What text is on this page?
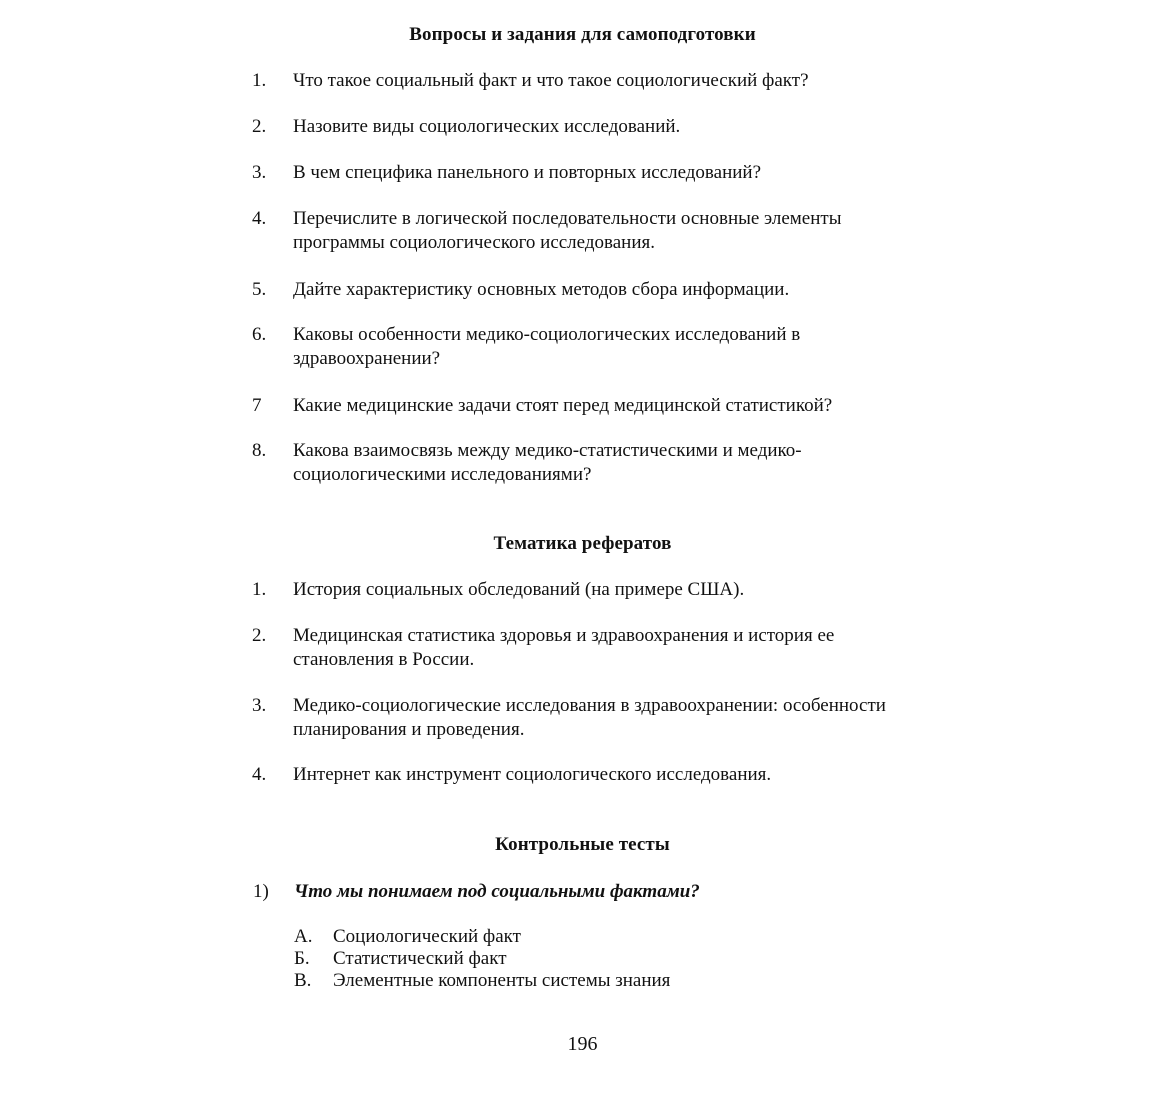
Вопросы и задания для самоподготовки
1.	Что такое социальный факт и что такое социологический факт?
2.	Назовите виды социологических исследований.
3.	В чем специфика панельного и повторных исследований?
4.	Перечислите в логической последовательности основные элементы программы социологического исследования.
5.	Дайте характеристику основных методов сбора информации.
6.	Каковы особенности медико-социологических исследований в здравоохранении?
7	Какие медицинские задачи стоят перед медицинской статистикой?
8.	Какова взаимосвязь между медико-статистическими и медико-социологическими исследованиями?
Тематика рефератов
1.	История социальных обследований (на примере США).
2.	Медицинская статистика здоровья и здравоохранения и история ее становления в России.
3.	Медико-социологические исследования в здравоохранении: особенности планирования и проведения.
4.	Интернет как инструмент социологического исследования.
Контрольные тесты
1)	Что мы понимаем под социальными фактами?
А.	Социологический факт
Б.	Статистический факт
В.	Элементные компоненты системы знания
196
